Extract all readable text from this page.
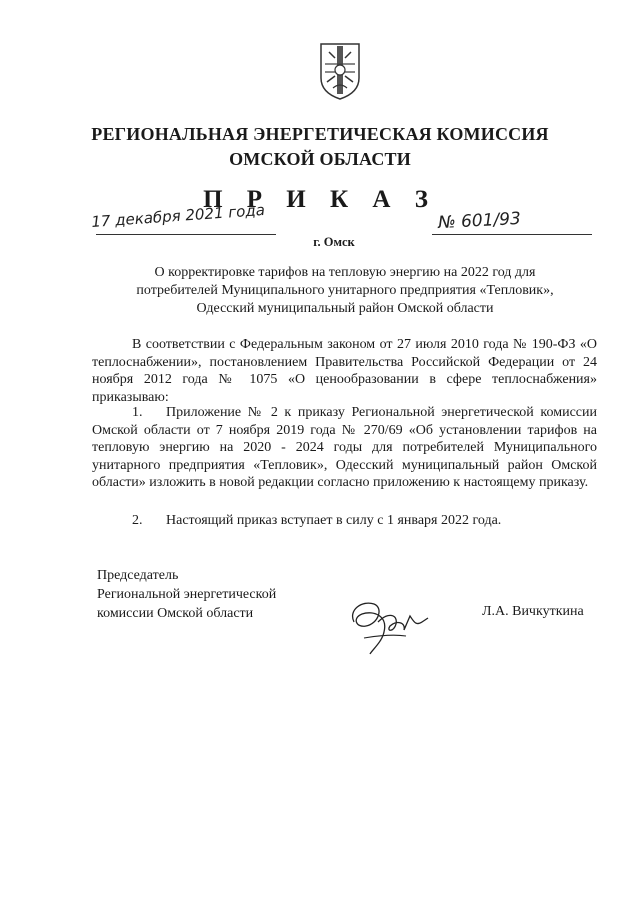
РЕГИОНАЛЬНАЯ ЭНЕРГЕТИЧЕСКАЯ КОМИССИЯ
ОМСКОЙ ОБЛАСТИ
П Р И К А З
17 декабря 2021 года	№ 601/93
г. Омск
О корректировке тарифов на тепловую энергию на 2022 год для
потребителей Муниципального унитарного предприятия «Тепловик»,
Одесский муниципальный район Омской области
В соответствии с Федеральным законом от 27 июля 2010 года № 190-ФЗ «О теплоснабжении», постановлением Правительства Российской Федерации от 24 ноября 2012 года № 1075 «О ценообразовании в сфере теплоснабжения» приказываю:
1.	Приложение № 2 к приказу Региональной энергетической комиссии Омской области от 7 ноября 2019 года № 270/69 «Об установлении тарифов на тепловую энергию на 2020 - 2024 годы для потребителей Муниципального унитарного предприятия «Тепловик», Одесский муниципальный район Омской области» изложить в новой редакции согласно приложению к настоящему приказу.
2.	Настоящий приказ вступает в силу с 1 января 2022 года.
Председатель
Региональной энергетической
комиссии Омской области	Л.А. Вичкуткина
